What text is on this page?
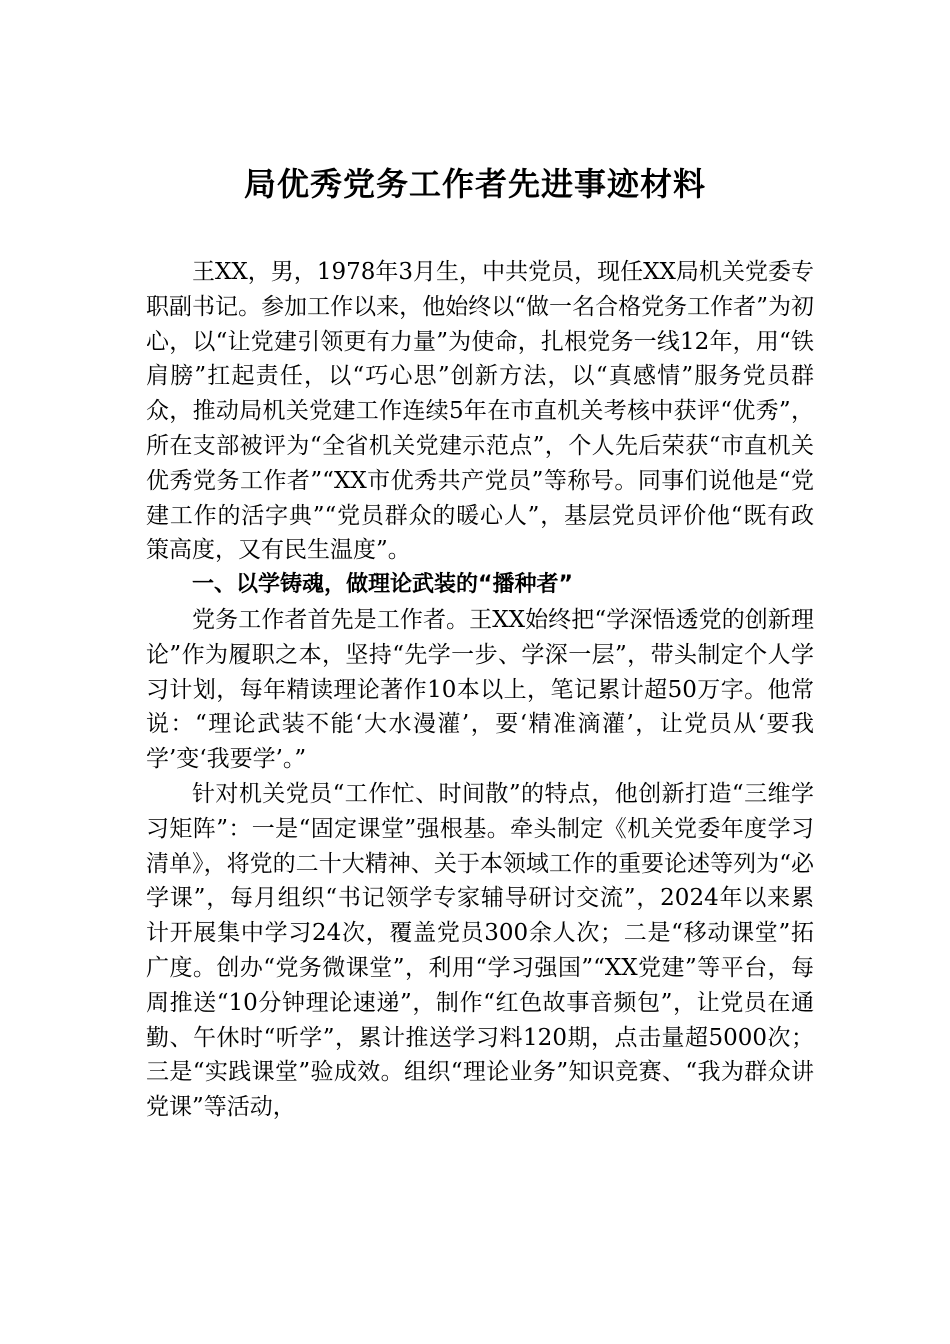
局优秀党务工作者先进事迹材料

王XX，男，1978年3月生，中共党员，现任XX局机关党委专职副书记。参加工作以来，他始终以“做一名合格党务工作者”为初心，以“让党建引领更有力量”为使命，扎根党务一线12年，用“铁肩膀”扛起责任，以“巧心思”创新方法，以“真感情”服务党员群众，推动局机关党建工作连续5年在市直机关考核中获评“优秀”，所在支部被评为“全省机关党建示范点”，个人先后荣获“市直机关优秀党务工作者”“XX市优秀共产党员”等称号。同事们说他是“党建工作的活字典”“党员群众的暖心人”，基层党员评价他“既有政策高度，又有民生温度”。

一、以学铸魂，做理论武装的“播种者”

党务工作者首先是工作者。王XX始终把“学深悟透党的创新理论”作为履职之本，坚持“先学一步、学深一层”，带头制定个人学习计划，每年精读理论著作10本以上，笔记累计超50万字。他常说：“理论武装不能‘大水漫灌’，要‘精准滴灌’，让党员从‘要我学’变‘我要学’。”

针对机关党员“工作忙、时间散”的特点，他创新打造“三维学习矩阵”：一是“固定课堂”强根基。牵头制定《机关党委年度学习清单》，将党的二十大精神、关于本领域工作的重要论述等列为“必学课”，每月组织“书记领学专家辅导研讨交流”，2024年以来累计开展集中学习24次，覆盖党员300余人次；二是“移动课堂”拓广度。创办“党务微课堂”，利用“学习强国”“XX党建”等平台，每周推送“10分钟理论速递”，制作“红色故事音频包”，让党员在通勤、午休时“听学”，累计推送学习料120期，点击量超5000次； 三是“实践课堂”验成效。组织“理论业务”知识竞赛、“我为群众讲党课”等活动，
